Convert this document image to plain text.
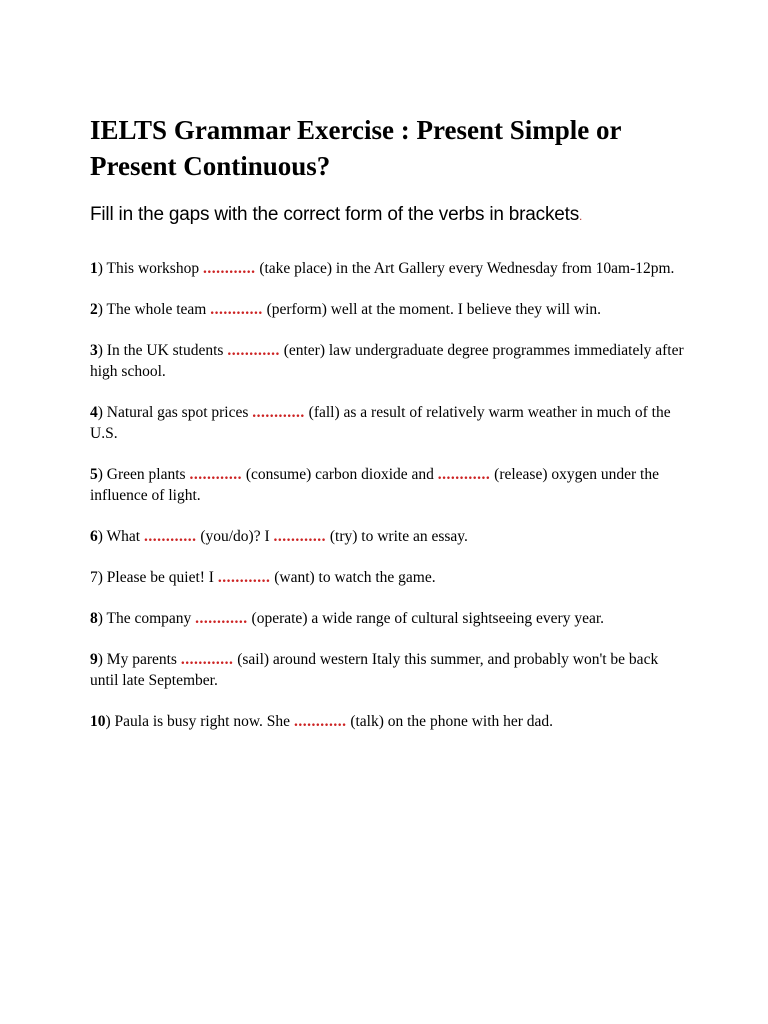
IELTS Grammar Exercise : Present Simple or Present Continuous?

Fill in the gaps with the correct form of the verbs in brackets.

1) This workshop ............ (take place) in the Art Gallery every Wednesday from 10am-12pm.
2) The whole team ............ (perform) well at the moment. I believe they will win.
3) In the UK students ............ (enter) law undergraduate degree programmes immediately after high school.
4) Natural gas spot prices ............ (fall) as a result of relatively warm weather in much of the U.S.
5) Green plants ............ (consume) carbon dioxide and ............ (release) oxygen under the influence of light.
6) What ............ (you/do)? I ............ (try) to write an essay.
7) Please be quiet! I ............ (want) to watch the game.
8) The company ............ (operate) a wide range of cultural sightseeing every year.
9) My parents ............ (sail) around western Italy this summer, and probably won't be back until late September.
10) Paula is busy right now. She ............ (talk) on the phone with her dad.
